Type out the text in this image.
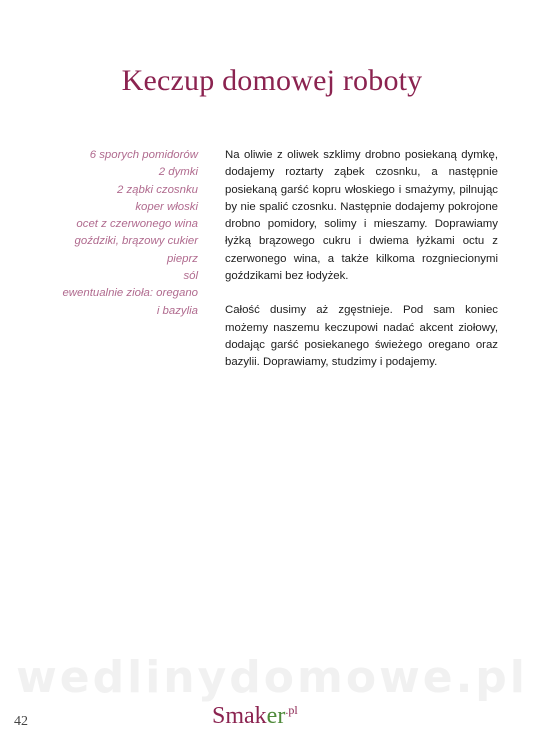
Keczup domowej roboty
6 sporych pomidorów
2 dymki
2 ząbki czosnku
koper włoski
ocet z czerwonego wina
goździki, brązowy cukier
pieprz
sól
ewentualnie zioła: oregano
i bazylia

Na oliwie z oliwek szklimy drobno posiekaną dymkę, dodajemy roztarty ząbek czosnku, a następnie posiekaną garść kopru włoskiego i smażymy, pilnując by nie spalić czosnku. Następnie dodajemy pokrojone drobno pomidory, solimy i mieszamy. Doprawiamy łyżką brązowego cukru i dwiema łyżkami octu z czerwonego wina, a także kilkoma rozgniecionymi goździkami bez łodyżek.

Całość dusimy aż zgęstnieje. Pod sam koniec możemy naszemu keczupowi nadać akcent ziołowy, dodając garść posiekanego świeżego oregano oraz bazylii. Doprawiamy, studzimy i podajemy.

wedlinydomowe.pl
42	Smaker$^{.pl}$
